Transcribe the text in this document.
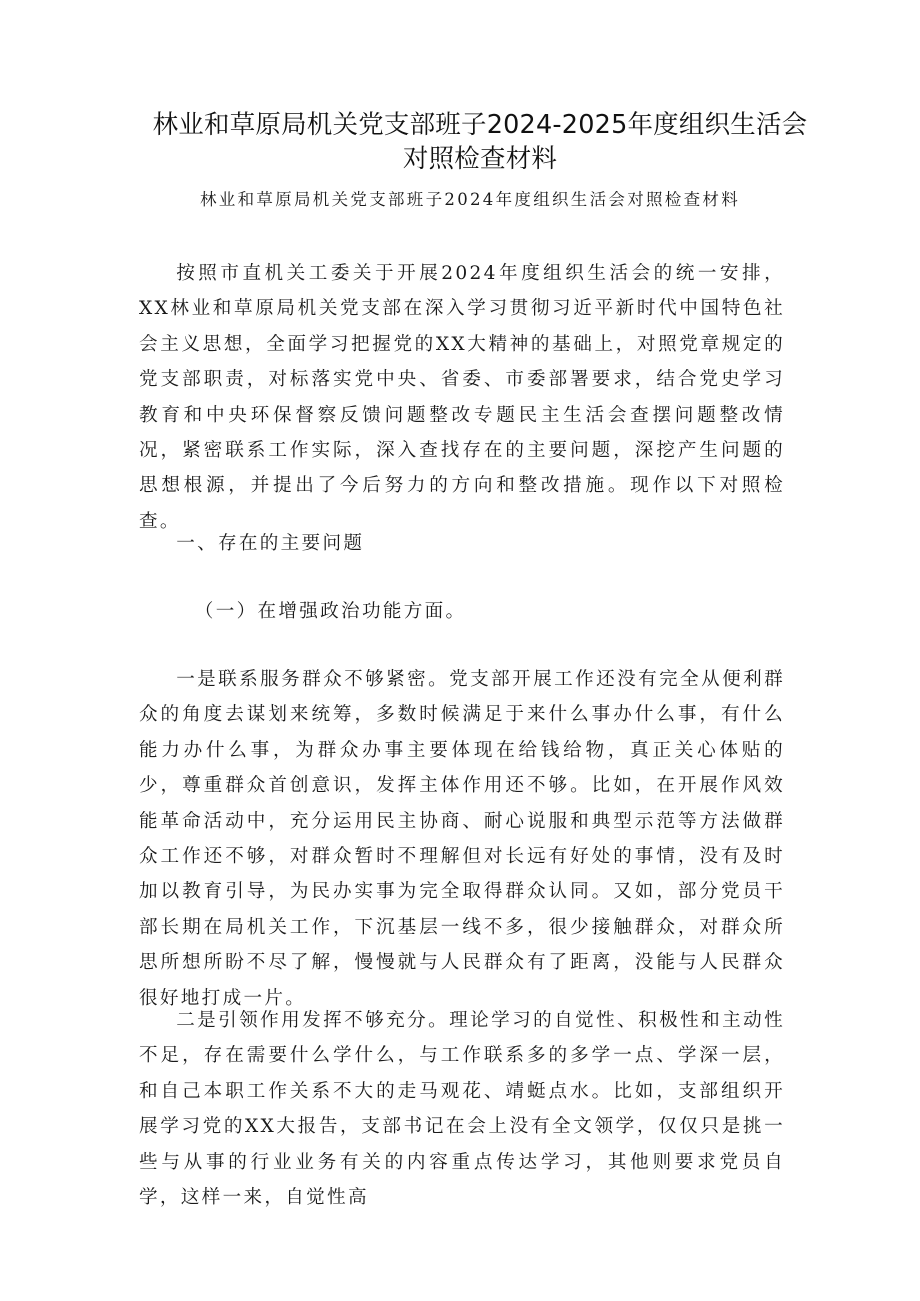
林业和草原局机关党支部班子2024-2025年度组织生活会对照检查材料

林业和草原局机关党支部班子2024年度组织生活会对照检查材料

按照市直机关工委关于开展2024年度组织生活会的统一安排，XX林业和草原局机关党支部在深入学习贯彻习近平新时代中国特色社会主义思想，全面学习把握党的XX大精神的基础上，对照党章规定的党支部职责，对标落实党中央、省委、市委部署要求，结合党史学习教育和中央环保督察反馈问题整改专题民主生活会查摆问题整改情况，紧密联系工作实际，深入查找存在的主要问题，深挖产生问题的思想根源，并提出了今后努力的方向和整改措施。现作以下对照检查。

一、存在的主要问题

（一）在增强政治功能方面。

一是联系服务群众不够紧密。党支部开展工作还没有完全从便利群众的角度去谋划来统筹，多数时候满足于来什么事办什么事，有什么能力办什么事，为群众办事主要体现在给钱给物，真正关心体贴的少，尊重群众首创意识，发挥主体作用还不够。比如，在开展作风效能革命活动中，充分运用民主协商、耐心说服和典型示范等方法做群众工作还不够，对群众暂时不理解但对长远有好处的事情，没有及时加以教育引导，为民办实事为完全取得群众认同。又如，部分党员干部长期在局机关工作，下沉基层一线不多，很少接触群众，对群众所思所想所盼不尽了解，慢慢就与人民群众有了距离，没能与人民群众很好地打成一片。

二是引领作用发挥不够充分。理论学习的自觉性、积极性和主动性不足，存在需要什么学什么，与工作联系多的多学一点、学深一层，和自己本职工作关系不大的走马观花、靖蜓点水。比如，支部组织开展学习党的XX大报告，支部书记在会上没有全文领学，仅仅只是挑一些与从事的行业业务有关的内容重点传达学习，其他则要求党员自学，这样一来，自觉性高
